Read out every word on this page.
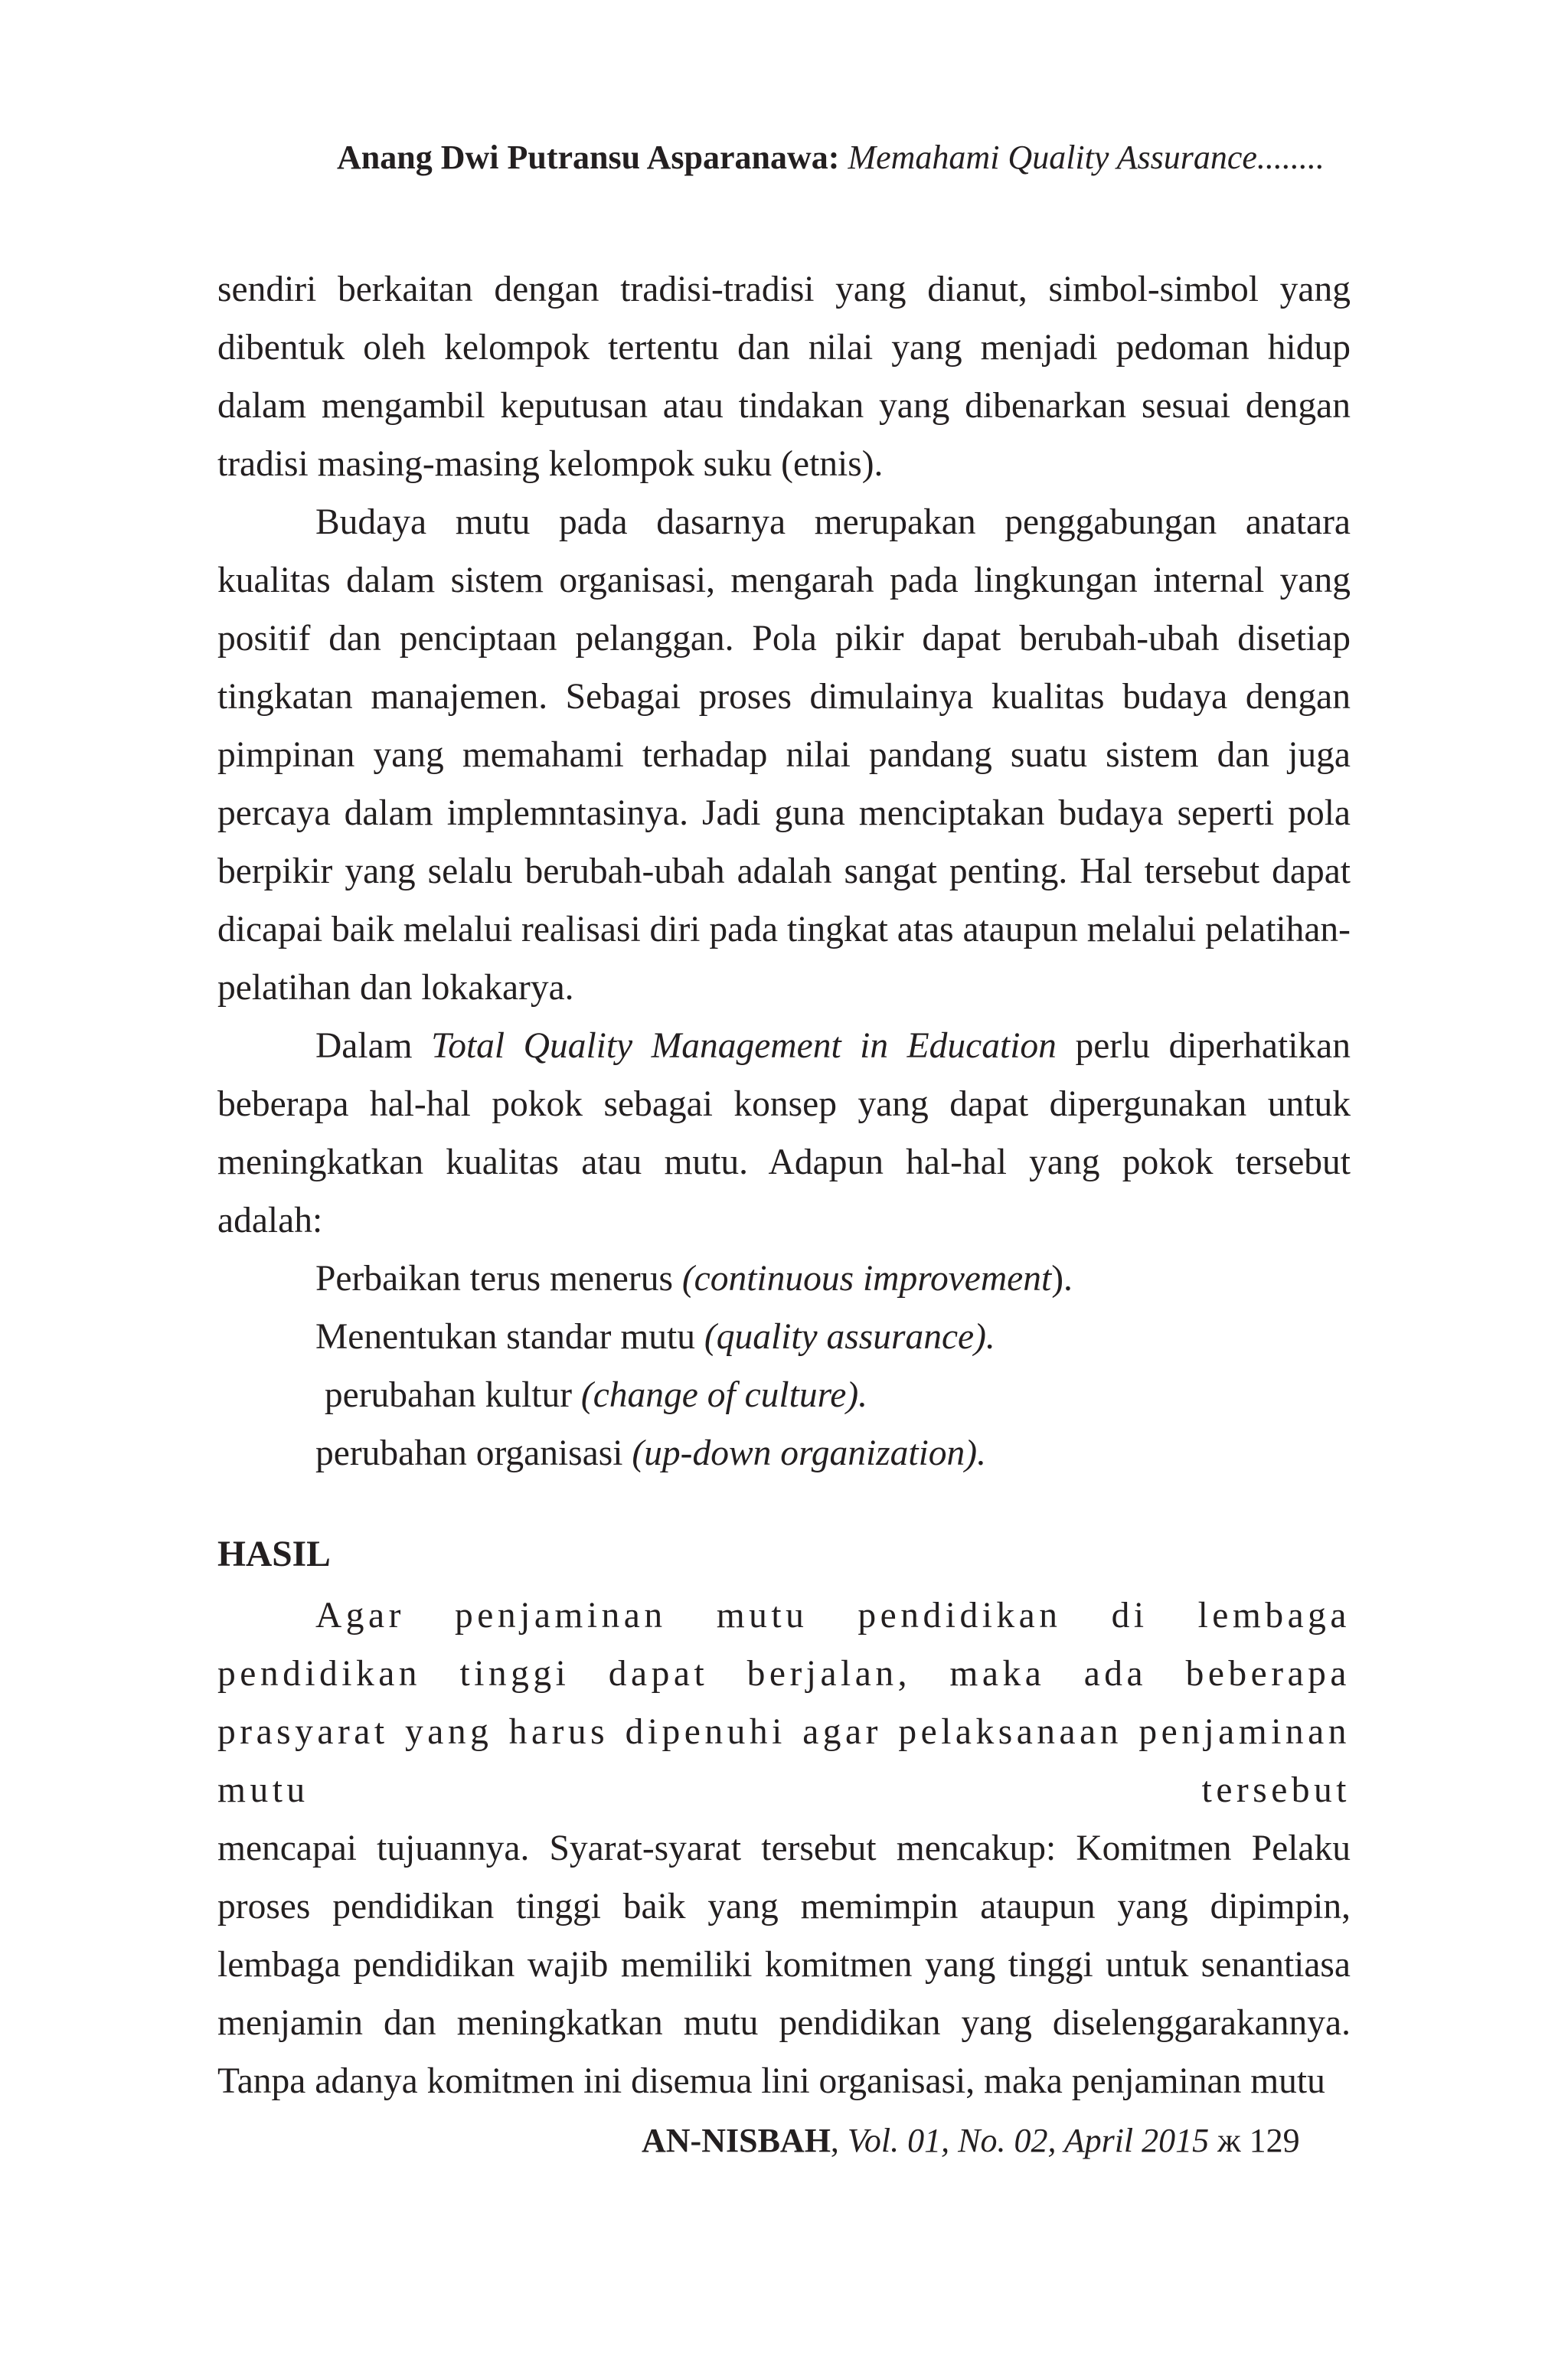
Anang Dwi Putransu Asparanawa: Memahami Quality Assurance........

sendiri berkaitan dengan tradisi-tradisi yang dianut, simbol-simbol yang dibentuk oleh kelompok tertentu dan nilai yang menjadi pedoman hidup dalam mengambil keputusan atau tindakan yang dibenarkan sesuai dengan tradisi masing-masing kelompok suku (etnis).

Budaya mutu pada dasarnya merupakan penggabungan anatara kualitas dalam sistem organisasi, mengarah pada lingkungan internal yang positif dan penciptaan pelanggan. Pola pikir dapat berubah-ubah disetiap tingkatan manajemen. Sebagai proses dimulainya kualitas budaya dengan pimpinan yang memahami terhadap nilai pandang suatu sistem dan juga percaya dalam implemntasinya. Jadi guna menciptakan budaya seperti pola berpikir yang selalu berubah-ubah adalah sangat penting. Hal tersebut dapat dicapai baik melalui realisasi diri pada tingkat atas ataupun melalui pelatihan-pelatihan dan lokakarya.

Dalam Total Quality Management in Education perlu diperhatikan beberapa hal-hal pokok sebagai konsep yang dapat dipergunakan untuk meningkatkan kualitas atau mutu. Adapun hal-hal yang pokok tersebut adalah:

Perbaikan terus menerus (continuous improvement).
Menentukan standar mutu (quality assurance).
perubahan kultur (change of culture).
perubahan organisasi (up-down organization).
HASIL

Agar penjaminan mutu pendidikan di lembaga pendidikan tinggi dapat berjalan, maka ada beberapa prasyarat yang harus dipenuhi agar pelaksanaan penjaminan mutu tersebut

mencapai tujuannya. Syarat-syarat tersebut mencakup: Komitmen Pelaku proses pendidikan tinggi baik yang memimpin ataupun yang dipimpin, lembaga pendidikan wajib memiliki komitmen yang tinggi untuk senantiasa menjamin dan meningkatkan mutu pendidikan yang diselenggarakannya. Tanpa adanya komitmen ini disemua lini organisasi, maka penjaminan mutu

AN-NISBAH, Vol. 01, No. 02, April 2015 ж 129
